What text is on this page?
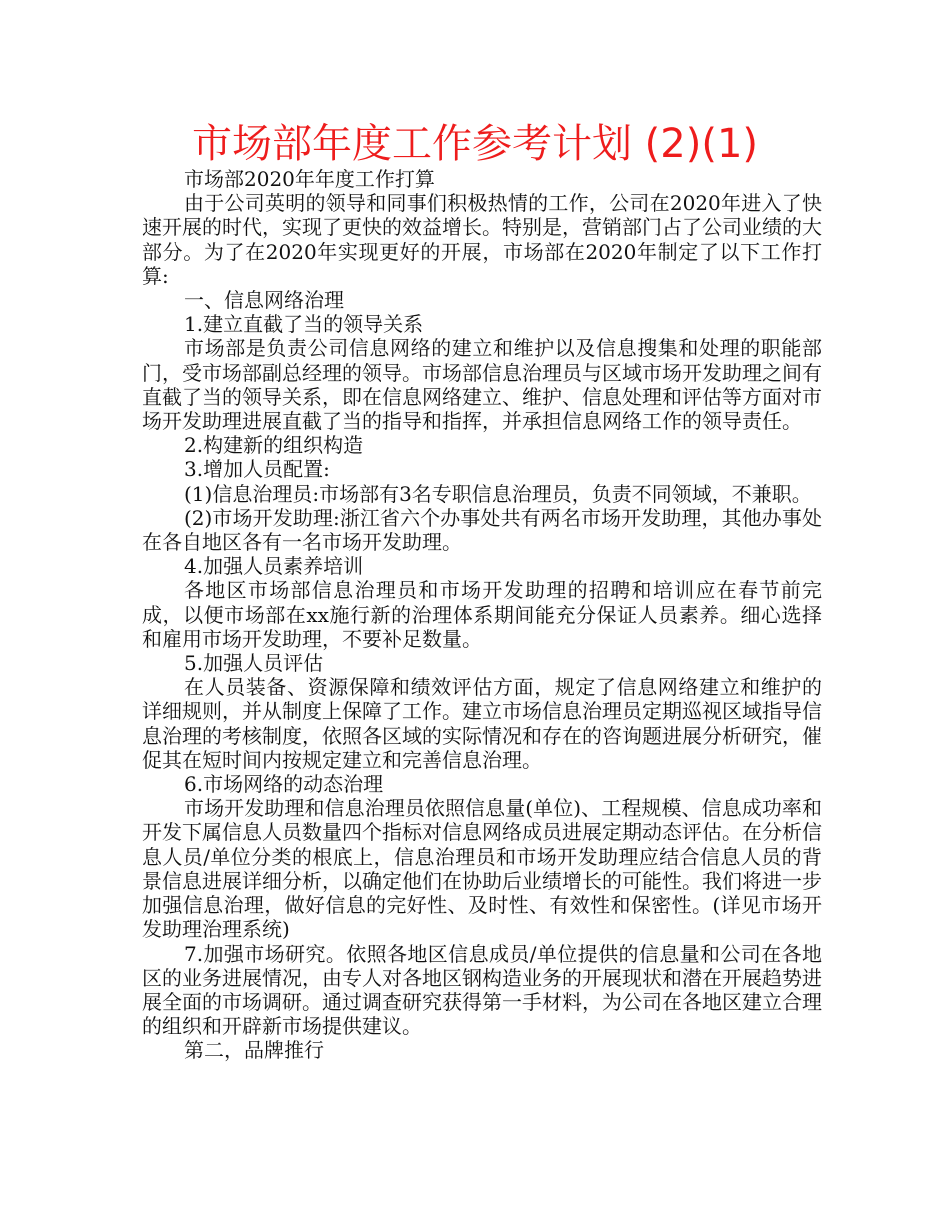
市场部年度工作参考计划 (2)(1)

市场部2020年年度工作打算

由于公司英明的领导和同事们积极热情的工作，公司在2020年进入了快速开展的时代，实现了更快的效益增长。特别是，营销部门占了公司业绩的大部分。为了在2020年实现更好的开展，市场部在2020年制定了以下工作打算:

一、信息网络治理

1.建立直截了当的领导关系

市场部是负责公司信息网络的建立和维护以及信息搜集和处理的职能部门，受市场部副总经理的领导。市场部信息治理员与区域市场开发助理之间有直截了当的领导关系，即在信息网络建立、维护、信息处理和评估等方面对市场开发助理进展直截了当的指导和指挥，并承担信息网络工作的领导责任。

2.构建新的组织构造

3.增加人员配置:

(1)信息治理员:市场部有3名专职信息治理员，负责不同领域，不兼职。

(2)市场开发助理:浙江省六个办事处共有两名市场开发助理，其他办事处在各自地区各有一名市场开发助理。

4.加强人员素养培训

各地区市场部信息治理员和市场开发助理的招聘和培训应在春节前完成，以便市场部在xx施行新的治理体系期间能充分保证人员素养。细心选择和雇用市场开发助理，不要补足数量。

5.加强人员评估

在人员装备、资源保障和绩效评估方面，规定了信息网络建立和维护的详细规则，并从制度上保障了工作。建立市场信息治理员定期巡视区域指导信息治理的考核制度，依照各区域的实际情况和存在的咨询题进展分析研究，催促其在短时间内按规定建立和完善信息治理。

6.市场网络的动态治理

市场开发助理和信息治理员依照信息量(单位)、工程规模、信息成功率和开发下属信息人员数量四个指标对信息网络成员进展定期动态评估。在分析信息人员/单位分类的根底上，信息治理员和市场开发助理应结合信息人员的背景信息进展详细分析，以确定他们在协助后业绩增长的可能性。我们将进一步加强信息治理，做好信息的完好性、及时性、有效性和保密性。(详见市场开发助理治理系统)

7.加强市场研究。依照各地区信息成员/单位提供的信息量和公司在各地区的业务进展情况，由专人对各地区钢构造业务的开展现状和潜在开展趋势进展全面的市场调研。通过调查研究获得第一手材料，为公司在各地区建立合理的组织和开辟新市场提供建议。

第二，品牌推行
